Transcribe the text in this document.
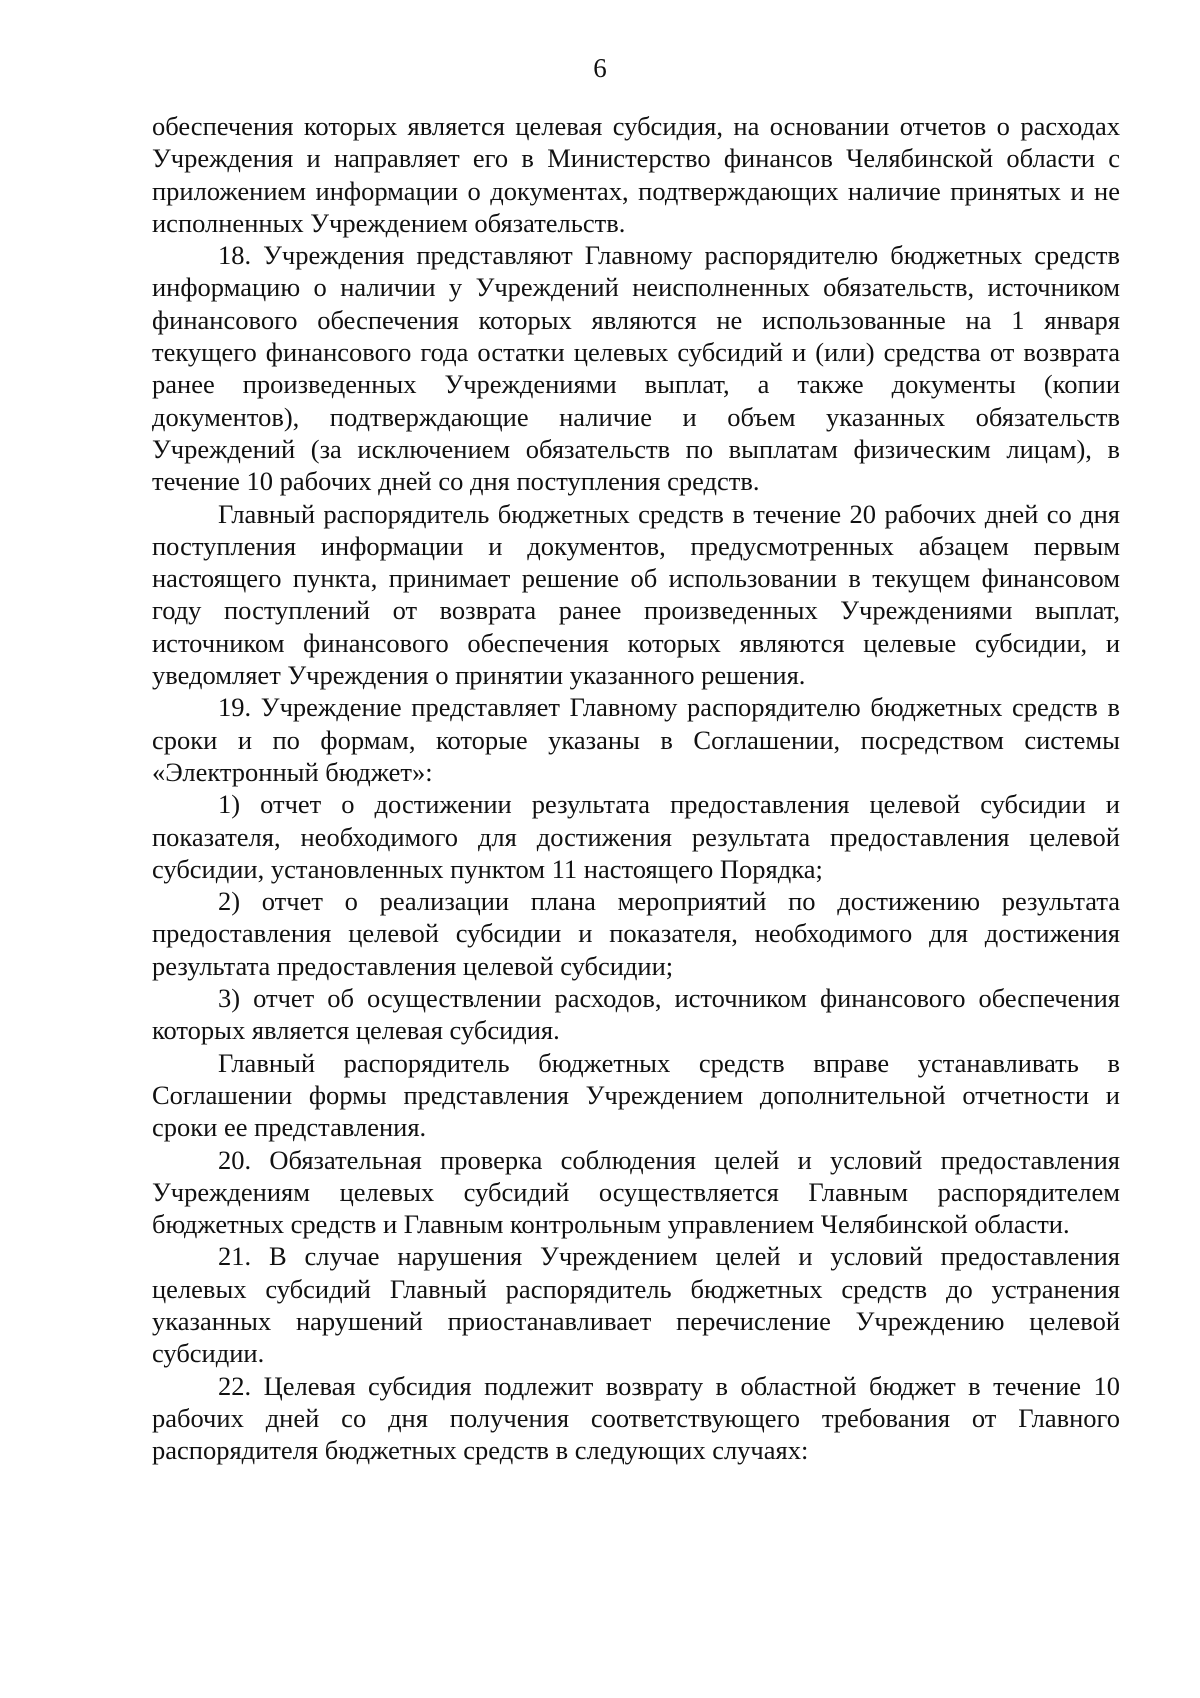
6

обеспечения которых является целевая субсидия, на основании отчетов о расходах Учреждения и направляет его в Министерство финансов Челябинской области с приложением информации о документах, подтверждающих наличие принятых и не исполненных Учреждением обязательств.

18. Учреждения представляют Главному распорядителю бюджетных средств информацию о наличии у Учреждений неисполненных обязательств, источником финансового обеспечения которых являются не использованные на 1 января текущего финансового года остатки целевых субсидий и (или) средства от возврата ранее произведенных Учреждениями выплат, а также документы (копии документов), подтверждающие наличие и объем указанных обязательств Учреждений (за исключением обязательств по выплатам физическим лицам), в течение 10 рабочих дней со дня поступления средств.

Главный распорядитель бюджетных средств в течение 20 рабочих дней со дня поступления информации и документов, предусмотренных абзацем первым настоящего пункта, принимает решение об использовании в текущем финансовом году поступлений от возврата ранее произведенных Учреждениями выплат, источником финансового обеспечения которых являются целевые субсидии, и уведомляет Учреждения о принятии указанного решения.

19. Учреждение представляет Главному распорядителю бюджетных средств в сроки и по формам, которые указаны в Соглашении, посредством системы «Электронный бюджет»:

1) отчет о достижении результата предоставления целевой субсидии и показателя, необходимого для достижения результата предоставления целевой субсидии, установленных пунктом 11 настоящего Порядка;

2) отчет о реализации плана мероприятий по достижению результата предоставления целевой субсидии и показателя, необходимого для достижения результата предоставления целевой субсидии;

3) отчет об осуществлении расходов, источником финансового обеспечения которых является целевая субсидия.

Главный распорядитель бюджетных средств вправе устанавливать в Соглашении формы представления Учреждением дополнительной отчетности и сроки ее представления.

20. Обязательная проверка соблюдения целей и условий предоставления Учреждениям целевых субсидий осуществляется Главным распорядителем бюджетных средств и Главным контрольным управлением Челябинской области.

21. В случае нарушения Учреждением целей и условий предоставления целевых субсидий Главный распорядитель бюджетных средств до устранения указанных нарушений приостанавливает перечисление Учреждению целевой субсидии.

22. Целевая субсидия подлежит возврату в областной бюджет в течение 10 рабочих дней со дня получения соответствующего требования от Главного распорядителя бюджетных средств в следующих случаях:
